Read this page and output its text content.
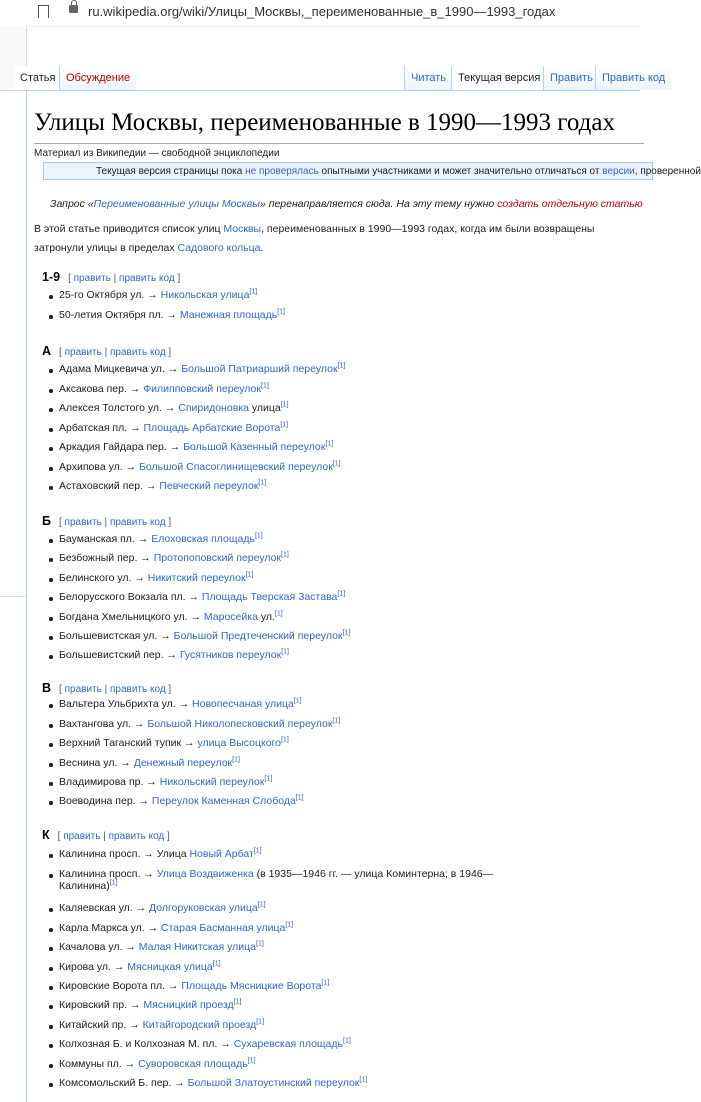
ru.wikipedia.org/wiki/Улицы_Москвы,_переименованные_в_1990—1993_годах
Статья Обсуждение	Читать	Текущая версия Править Править код
Улицы Москвы, переименованные в 1990—1993 годах
Материал из Википедии — свободной энциклопедии
Текущая версия страницы пока не проверялась опытными участниками и может значительно отличаться от версии, проверенной
Запрос «Переименованные улицы Москвы» перенаправляется сюда. На эту тему нужно создать отдельную статью
В этой статье приводится список улиц Москвы, переименованных в 1990—1993 годах, когда им были возвращены
затронули улицы в пределах Садового кольца.
1-9 [ править | править код ]
25-го Октября ул. → Никольская улица[1]
50-летия Октября пл. → Манежная площадь[1]
А [ править | править код ]
Адама Мицкевича ул. → Большой Патриарший переулок[1]
Аксакова пер. → Филипповский переулок[1]
Алексея Толстого ул. → Спиридоновка улица[1]
Арбатская пл. → Площадь Арбатские Ворота[1]
Аркадия Гайдара пер. → Большой Казенный переулок[1]
Архипова ул. → Большой Спасоглинищевский переулок[1]
Астаховский пер. → Певческий переулок[1]
Б [ править | править код ]
Бауманская пл. → Елоховская площадь[1]
Безбожный пер. → Протопоповский переулок[1]
Белинского ул. → Никитский переулок[1]
Белорусского Вокзала пл. → Площадь Тверская Застава[1]
Богдана Хмельницкого ул. → Маросейка ул.[1]
Большевистская ул. → Большой Предтеченский переулок[1]
Большевистский пер. → Гусятников переулок[1]
В [ править | править код ]
Вальтера Ульбрихта ул. → Новопесчаная улица[1]
Вахтангова ул. → Большой Николопесковский переулок[1]
Верхний Таганский тупик → улица Высоцкого[1]
Веснина ул. → Денежный переулок[1]
Владимирова пр. → Никольский переулок[1]
Воеводина пер. → Переулок Каменная Слобода[1]
К [ править | править код ]
Калинина просп. → Улица Новый Арбат[1]
Калинина просп. → Улица Воздвиженка (в 1935—1946 гг. — улица Коминтерна; в 1946—
Калинина)[1]
Каляевская ул. → Долгоруковская улица[1]
Карла Маркса ул. → Старая Басманная улица[1]
Качалова ул. → Малая Никитская улица[1]
Кирова ул. → Мясницкая улица[1]
Кировские Ворота пл. → Площадь Мясницкие Ворота[1]
Кировский пр. → Мясницкий проезд[1]
Китайский пр. → Китайгородский проезд[1]
Колхозная Б. и Колхозная М. пл. → Сухаревская площадь[1]
Коммуны пл. → Суворовская площадь[1]
Комсомольский Б. пер. → Большой Златоустинский переулок[1]
